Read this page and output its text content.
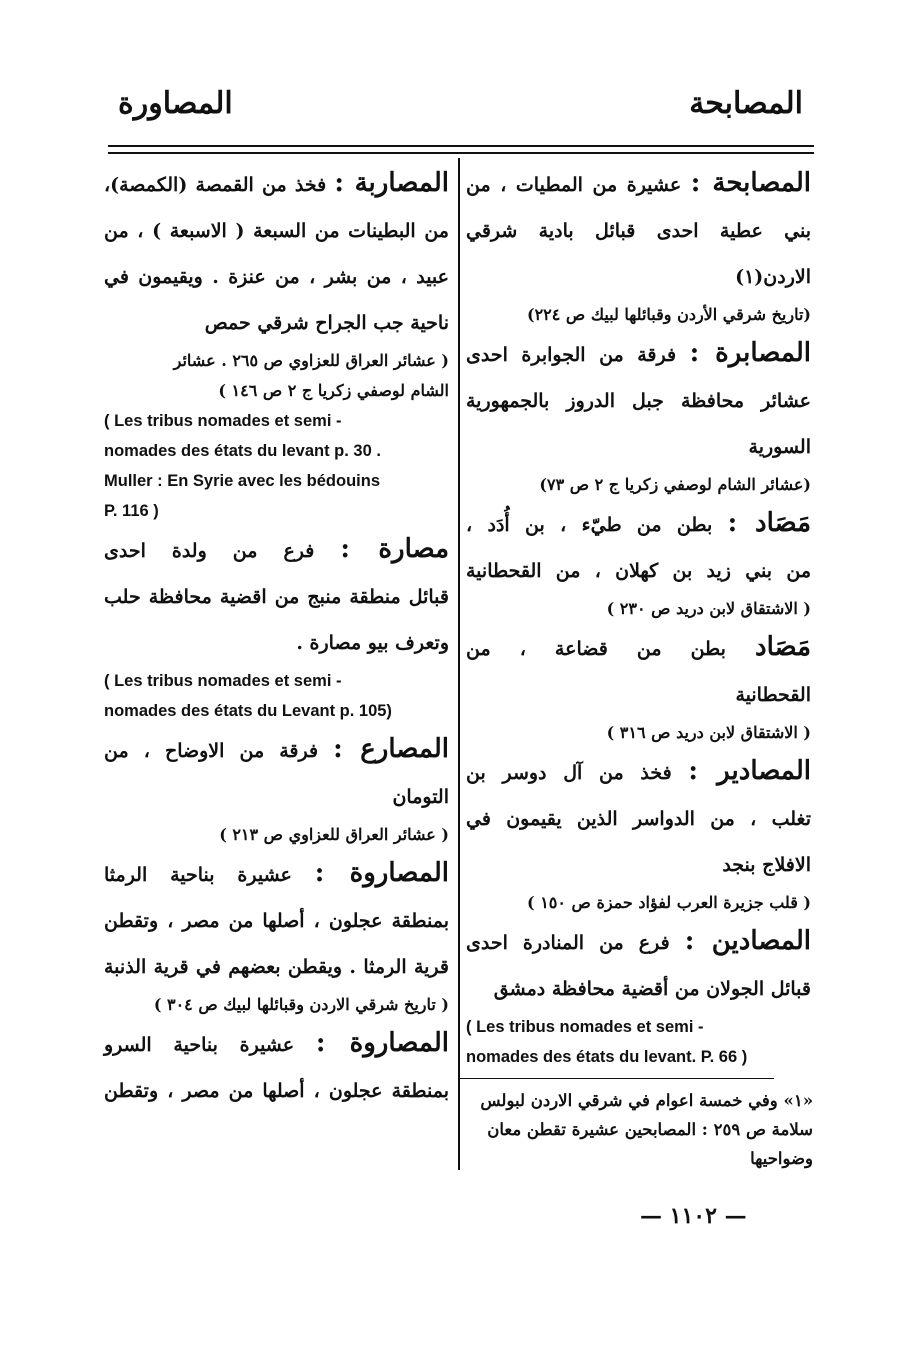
المصابحة
المصاورة
المصابحة : عشيرة من المطيات ، من
بني عطية احدى قبائل بادية شرقي الاردن(١)
(تاريخ شرقي الأردن وقبائلها لبيك ص ٢٢٤)
المصابرة : فرقة من الجوابرة احدى
عشائر محافظة جبل الدروز بالجمهورية السورية
(عشائر الشام لوصفي زكريا ج ٢ ص ٧٣)
مَصَاد : بطن من طيّء ، بن أُدَد ،
من بني زيد بن كهلان ، من القحطانية
( الاشتقاق لابن دريد ص ٢٣٠ )
مَصَاد بطن من قضاعة ، من
القحطانية
( الاشتقاق لابن دريد ص ٣١٦ )
المصادير : فخذ من آل دوسر بن
تغلب ، من الدواسر الذين يقيمون في
الافلاج بنجد
( قلب جزيرة العرب لفؤاد حمزة ص ١٥٠ )
المصادين : فرع من المنادرة احدى
قبائل الجولان من أقضية محافظة دمشق
( Les tribus nomades et semi -
nomades des états du levant. P. 66 )
المصاربة : فخذ من القمصة (الكمصة)،
من البطينات من السبعة ( الاسبعة ) ، من
عبيد ، من بشر ، من عنزة . ويقيمون في
ناحية جب الجراح شرقي حمص
( عشائر العراق للعزاوي ص ٢٦٥ . عشائر
الشام لوصفي زكريا ج ٢ ص ١٤٦ )
( Les tribus nomades et semi -
nomades des états du levant p. 30 .
Muller : En Syrie avec les bédouins
P. 116 )
مصارة : فرع من ولدة احدى
قبائل منطقة منبج من اقضية محافظة حلب
وتعرف بيو مصارة .
( Les tribus nomades et semi -
nomades des états du Levant p. 105)
المصارع : فرقة من الاوضاح ، من
التومان
( عشائر العراق للعزاوي ص ٢١٣ )
المصاروة : عشيرة بناحية الرمثا
بمنطقة عجلون ، أصلها من مصر ، وتقطن
قرية الرمثا . ويقطن بعضهم في قرية الذنبة
( تاريخ شرقي الاردن وقبائلها لبيك ص ٣٠٤ )
المصاروة : عشيرة بناحية السرو
بمنطقة عجلون ، أصلها من مصر ، وتقطن	«١» وفي خمسة اعوام في شرقي الاردن لبولس
سلامة ص ٢٥٩ : المصابحين عشيرة تقطن معان
وضواحيها
— ١١٠٢ —
